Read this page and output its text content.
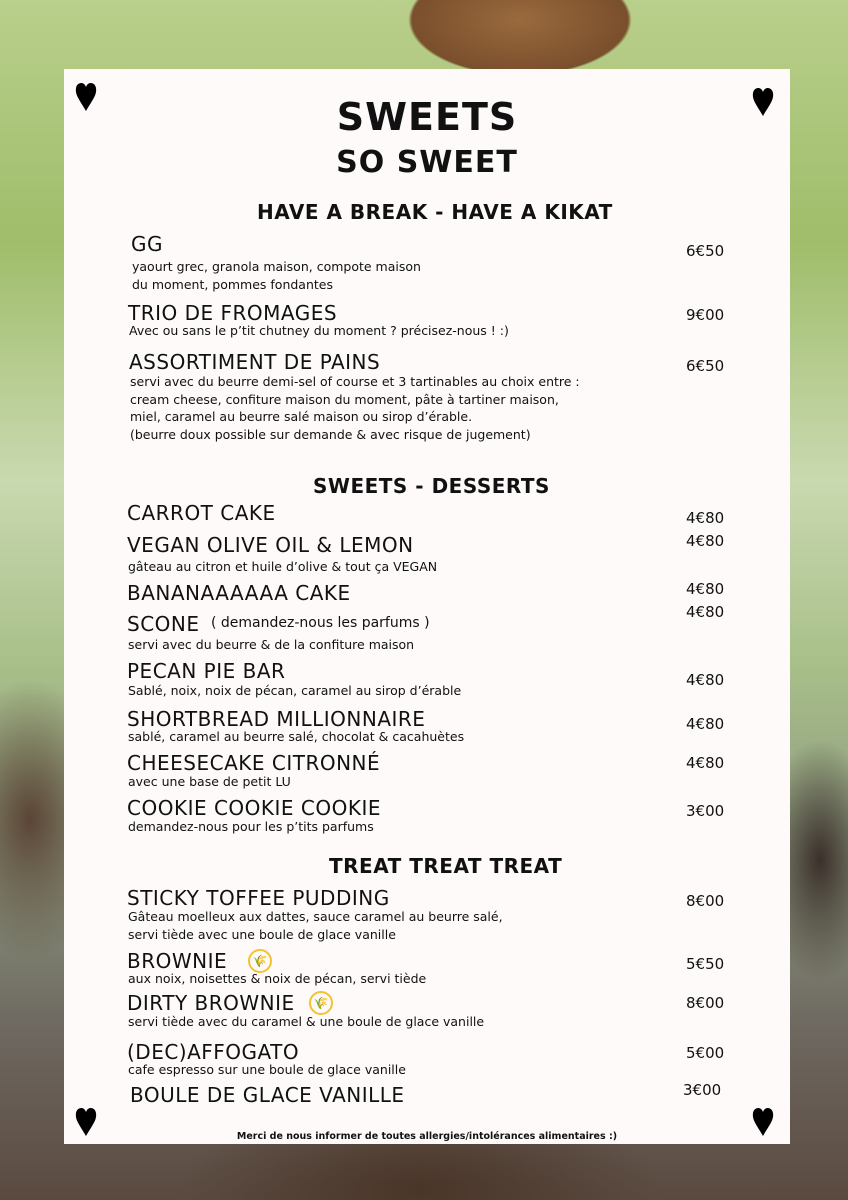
SWEETS
SO SWEET
Merci de nous informer de toutes allergies/intolérances alimentaires :)
HAVE A BREAK - HAVE A KIKAT
GG	6€50
yaourt grec, granola maison, compote maison
du moment, pommes fondantes
TRIO DE FROMAGES	9€00
Avec ou sans le p’tit chutney du moment ? précisez-nous ! :)
ASSORTIMENT DE PAINS	6€50
servi avec du beurre demi-sel of course et 3 tartinables au choix entre :
cream cheese, confiture maison du moment, pâte à tartiner maison,
miel, caramel au beurre salé maison ou sirop d’érable.
(beurre doux possible sur demande & avec risque de jugement)
SWEETS - DESSERTS
CARROT CAKE	4€80
VEGAN OLIVE OIL & LEMON	4€80
gâteau au citron et huile d’olive & tout ça VEGAN
BANANAAAAAA CAKE	4€80
SCONE	4€80
( demandez-nous les parfums )
servi avec du beurre & de la confiture maison
PECAN PIE BAR	4€80
Sablé, noix, noix de pécan, caramel au sirop d’érable
SHORTBREAD MILLIONNAIRE	4€80
sablé, caramel au beurre salé, chocolat & cacahuètes
CHEESECAKE CITRONNÉ	4€80
avec une base de petit LU
COOKIE COOKIE COOKIE	3€00
demandez-nous pour les p’tits parfums
TREAT TREAT TREAT
STICKY TOFFEE PUDDING	8€00
Gâteau moelleux aux dattes, sauce caramel au beurre salé,
servi tiède avec une boule de glace vanille
BROWNIE	5€50
🌾
aux noix, noisettes & noix de pécan, servi tiède
DIRTY BROWNIE	8€00
🌾
servi tiède avec du caramel & une boule de glace vanille
(DEC)AFFOGATO	5€00
cafe espresso sur une boule de glace vanille
BOULE DE GLACE VANILLE	3€00
